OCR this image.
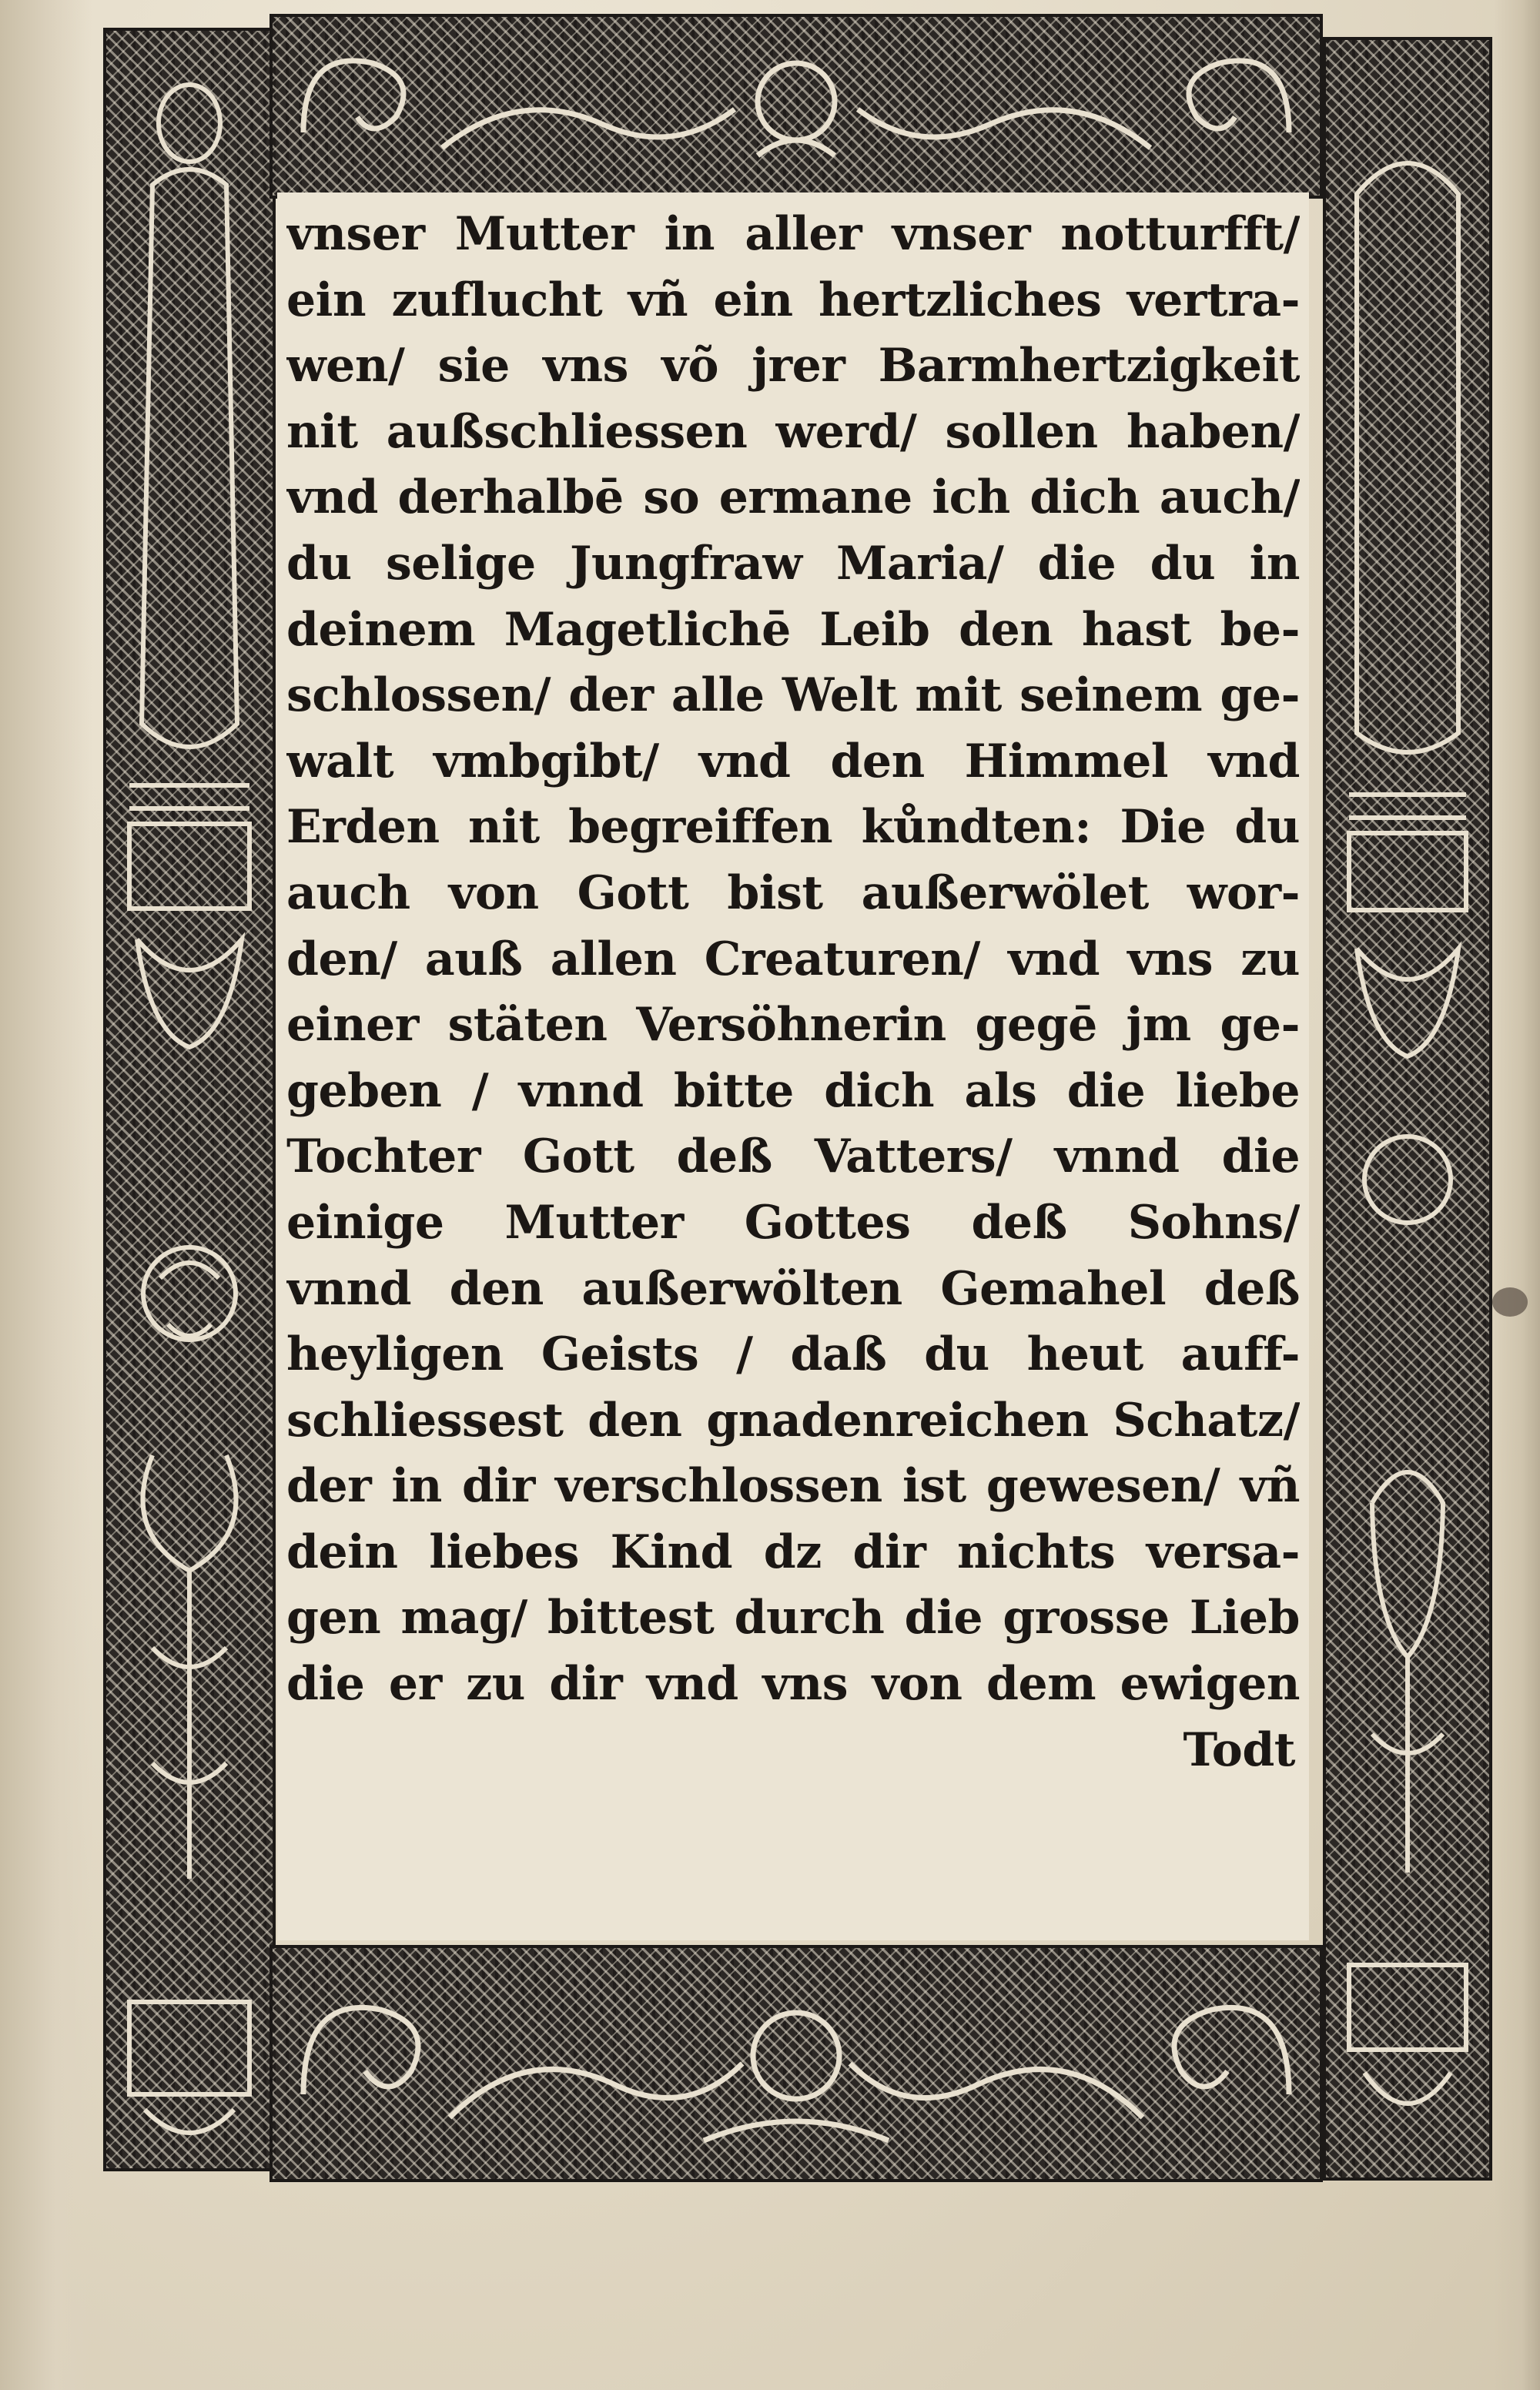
vnser Mutter in aller vnser notturfft/
ein zuflucht vñ ein hertzliches vertra-
wen/ sie vns võ jrer Barmhertzigkeit
nit außschliessen werd/ sollen haben/
vnd derhalbē so ermane ich dich auch/
du selige Jungfraw Maria/ die du in
deinem Magetlichē Leib den hast be-
schlossen/ der alle Welt mit seinem ge-
walt vmbgibt/ vnd den Himmel vnd
Erden nit begreiffen kůndten: Die du
auch von Gott bist außerwölet wor-
den/ auß allen Creaturen/ vnd vns zu
einer stäten Versöhnerin gegē jm ge-
geben / vnnd bitte dich als die liebe
Tochter Gott deß Vatters/ vnnd die
einige Mutter Gottes deß Sohns/
vnnd den außerwölten Gemahel deß
heyligen Geists / daß du heut auff-
schliessest den gnadenreichen Schatz/
der in dir verschlossen ist gewesen/ vñ
dein liebes Kind dz dir nichts versa-
gen mag/ bittest durch die grosse Lieb
die er zu dir vnd vns von dem ewigen
Todt
